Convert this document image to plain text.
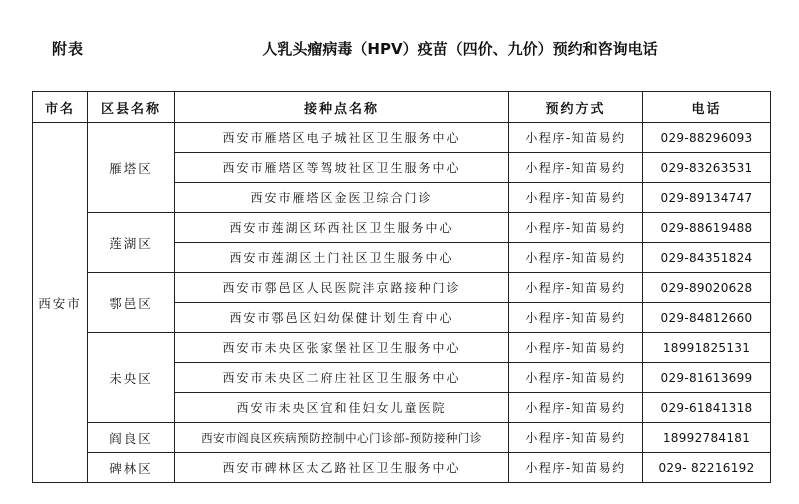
附表	人乳头瘤病毒（HPV）疫苗（四价、九价）预约和咨询电话
市名	区县名称	接种点名称	预约方式	电话
西安市	雁塔区	西安市雁塔区电子城社区卫生服务中心	小程序-知苗易约	029-88296093
		西安市雁塔区等驾坡社区卫生服务中心	小程序-知苗易约	029-83263531
		西安市雁塔区金医卫综合门诊	小程序-知苗易约	029-89134747
	莲湖区	西安市莲湖区环西社区卫生服务中心	小程序-知苗易约	029-88619488
		西安市莲湖区土门社区卫生服务中心	小程序-知苗易约	029-84351824
	鄠邑区	西安市鄠邑区人民医院沣京路接种门诊	小程序-知苗易约	029-89020628
		西安市鄠邑区妇幼保健计划生育中心	小程序-知苗易约	029-84812660
	未央区	西安市未央区张家堡社区卫生服务中心	小程序-知苗易约	18991825131
		西安市未央区二府庄社区卫生服务中心	小程序-知苗易约	029-81613699
		西安市未央区宜和佳妇女儿童医院	小程序-知苗易约	029-61841318
	阎良区	西安市阎良区疾病预防控制中心门诊部-预防接种门诊	小程序-知苗易约	18992784181
	碑林区	西安市碑林区太乙路社区卫生服务中心	小程序-知苗易约	029- 82216192
